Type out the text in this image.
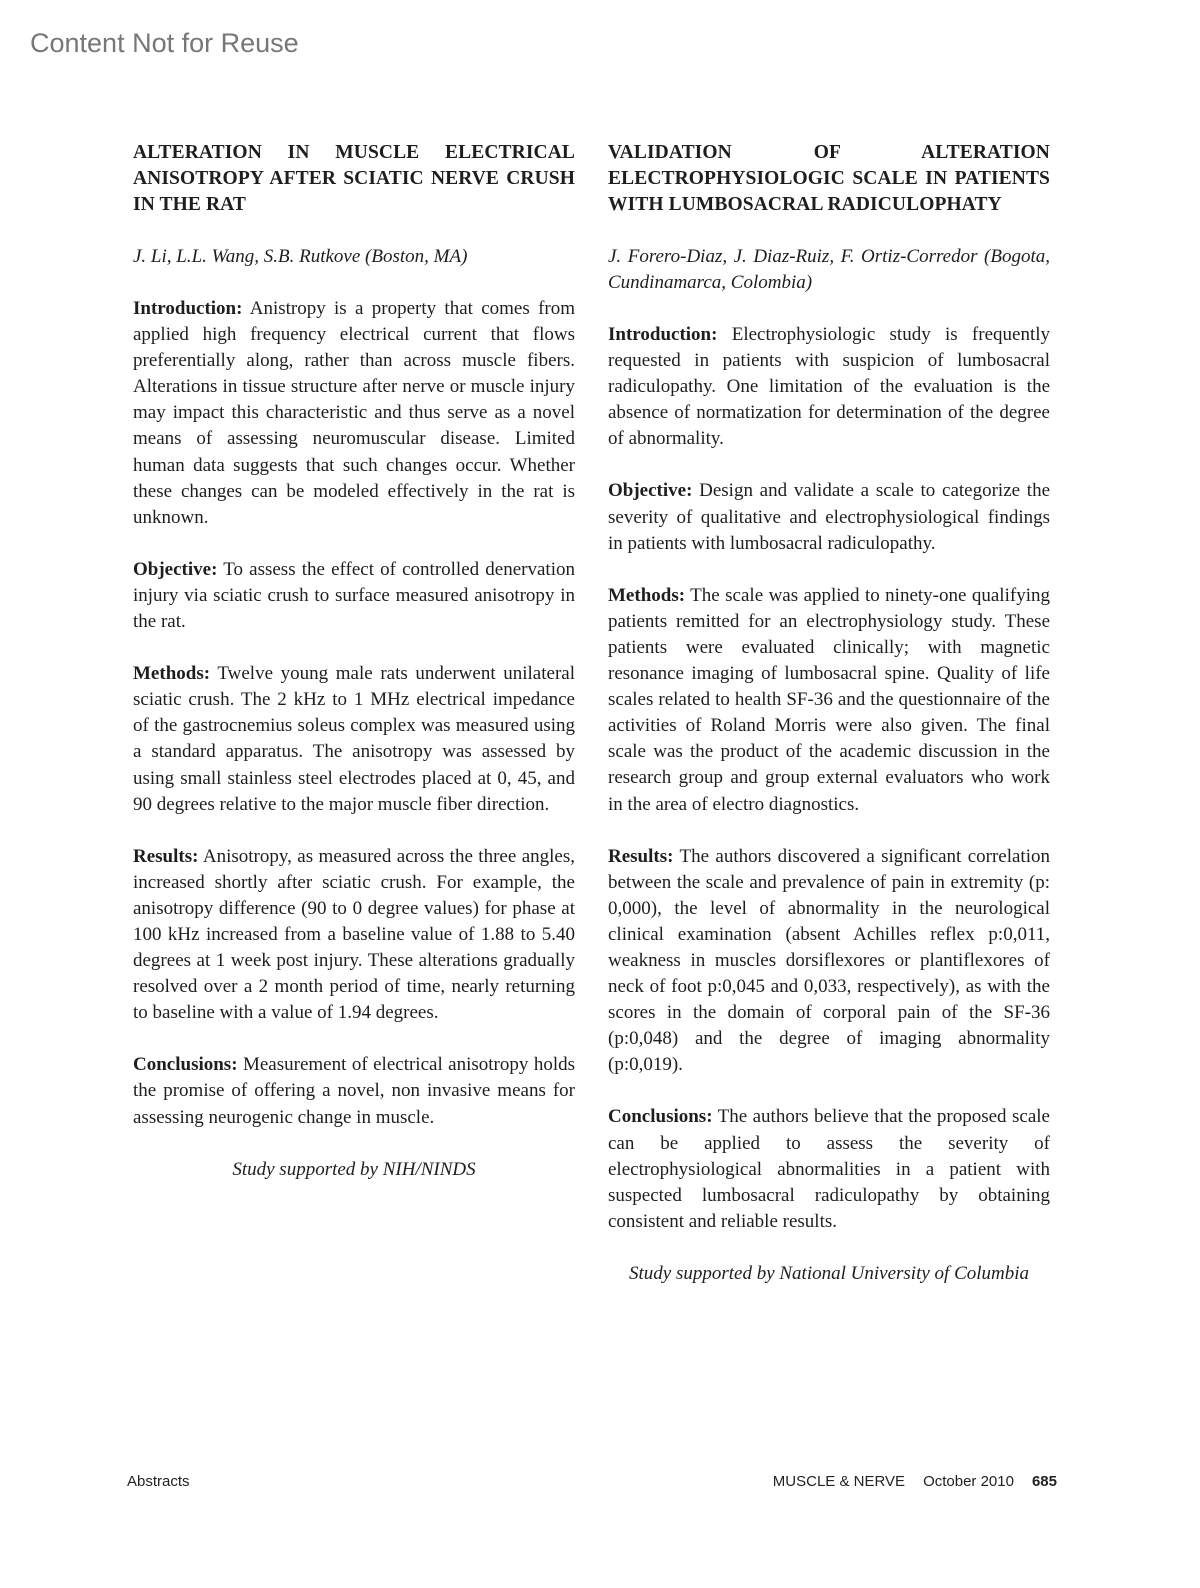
Content Not for Reuse
ALTERATION IN MUSCLE ELECTRICAL ANISOTROPY AFTER SCIATIC NERVE CRUSH IN THE RAT
J. Li, L.L. Wang, S.B. Rutkove (Boston, MA)

Introduction: Anistropy is a property that comes from applied high frequency electrical current that flows preferentially along, rather than across muscle fibers. Alterations in tissue structure after nerve or muscle injury may impact this characteristic and thus serve as a novel means of assessing neuromuscular disease. Limited human data suggests that such changes occur. Whether these changes can be modeled effectively in the rat is unknown.

Objective: To assess the effect of controlled denervation injury via sciatic crush to surface measured anisotropy in the rat.

Methods: Twelve young male rats underwent unilateral sciatic crush. The 2 kHz to 1 MHz electrical impedance of the gastrocnemius soleus complex was measured using a standard apparatus. The anisotropy was assessed by using small stainless steel electrodes placed at 0, 45, and 90 degrees relative to the major muscle fiber direction.

Results: Anisotropy, as measured across the three angles, increased shortly after sciatic crush. For example, the anisotropy difference (90 to 0 degree values) for phase at 100 kHz increased from a baseline value of 1.88 to 5.40 degrees at 1 week post injury. These alterations gradually resolved over a 2 month period of time, nearly returning to baseline with a value of 1.94 degrees.

Conclusions: Measurement of electrical anisotropy holds the promise of offering a novel, non invasive means for assessing neurogenic change in muscle.

Study supported by NIH/NINDS

VALIDATION OF ALTERATION ELECTROPHYSIOLOGIC SCALE IN PATIENTS WITH LUMBOSACRAL RADICULOPHATY
J. Forero-Diaz, J. Diaz-Ruiz, F. Ortiz-Corredor (Bogota, Cundinamarca, Colombia)

Introduction: Electrophysiologic study is frequently requested in patients with suspicion of lumbosacral radiculopathy. One limitation of the evaluation is the absence of normatization for determination of the degree of abnormality.

Objective: Design and validate a scale to categorize the severity of qualitative and electrophysiological findings in patients with lumbosacral radiculopathy.

Methods: The scale was applied to ninety-one qualifying patients remitted for an electrophysiology study. These patients were evaluated clinically; with magnetic resonance imaging of lumbosacral spine. Quality of life scales related to health SF-36 and the questionnaire of the activities of Roland Morris were also given. The final scale was the product of the academic discussion in the research group and group external evaluators who work in the area of electro diagnostics.

Results: The authors discovered a significant correlation between the scale and prevalence of pain in extremity (p: 0,000), the level of abnormality in the neurological clinical examination (absent Achilles reflex p:0,011, weakness in muscles dorsiflexores or plantiflexores of neck of foot p:0,045 and 0,033, respectively), as with the scores in the domain of corporal pain of the SF-36 (p:0,048) and the degree of imaging abnormality (p:0,019).

Conclusions: The authors believe that the proposed scale can be applied to assess the severity of electrophysiological abnormalities in a patient with suspected lumbosacral radiculopathy by obtaining consistent and reliable results.

Study supported by National University of Columbia

Abstracts	MUSCLE & NERVE October 2010 685
